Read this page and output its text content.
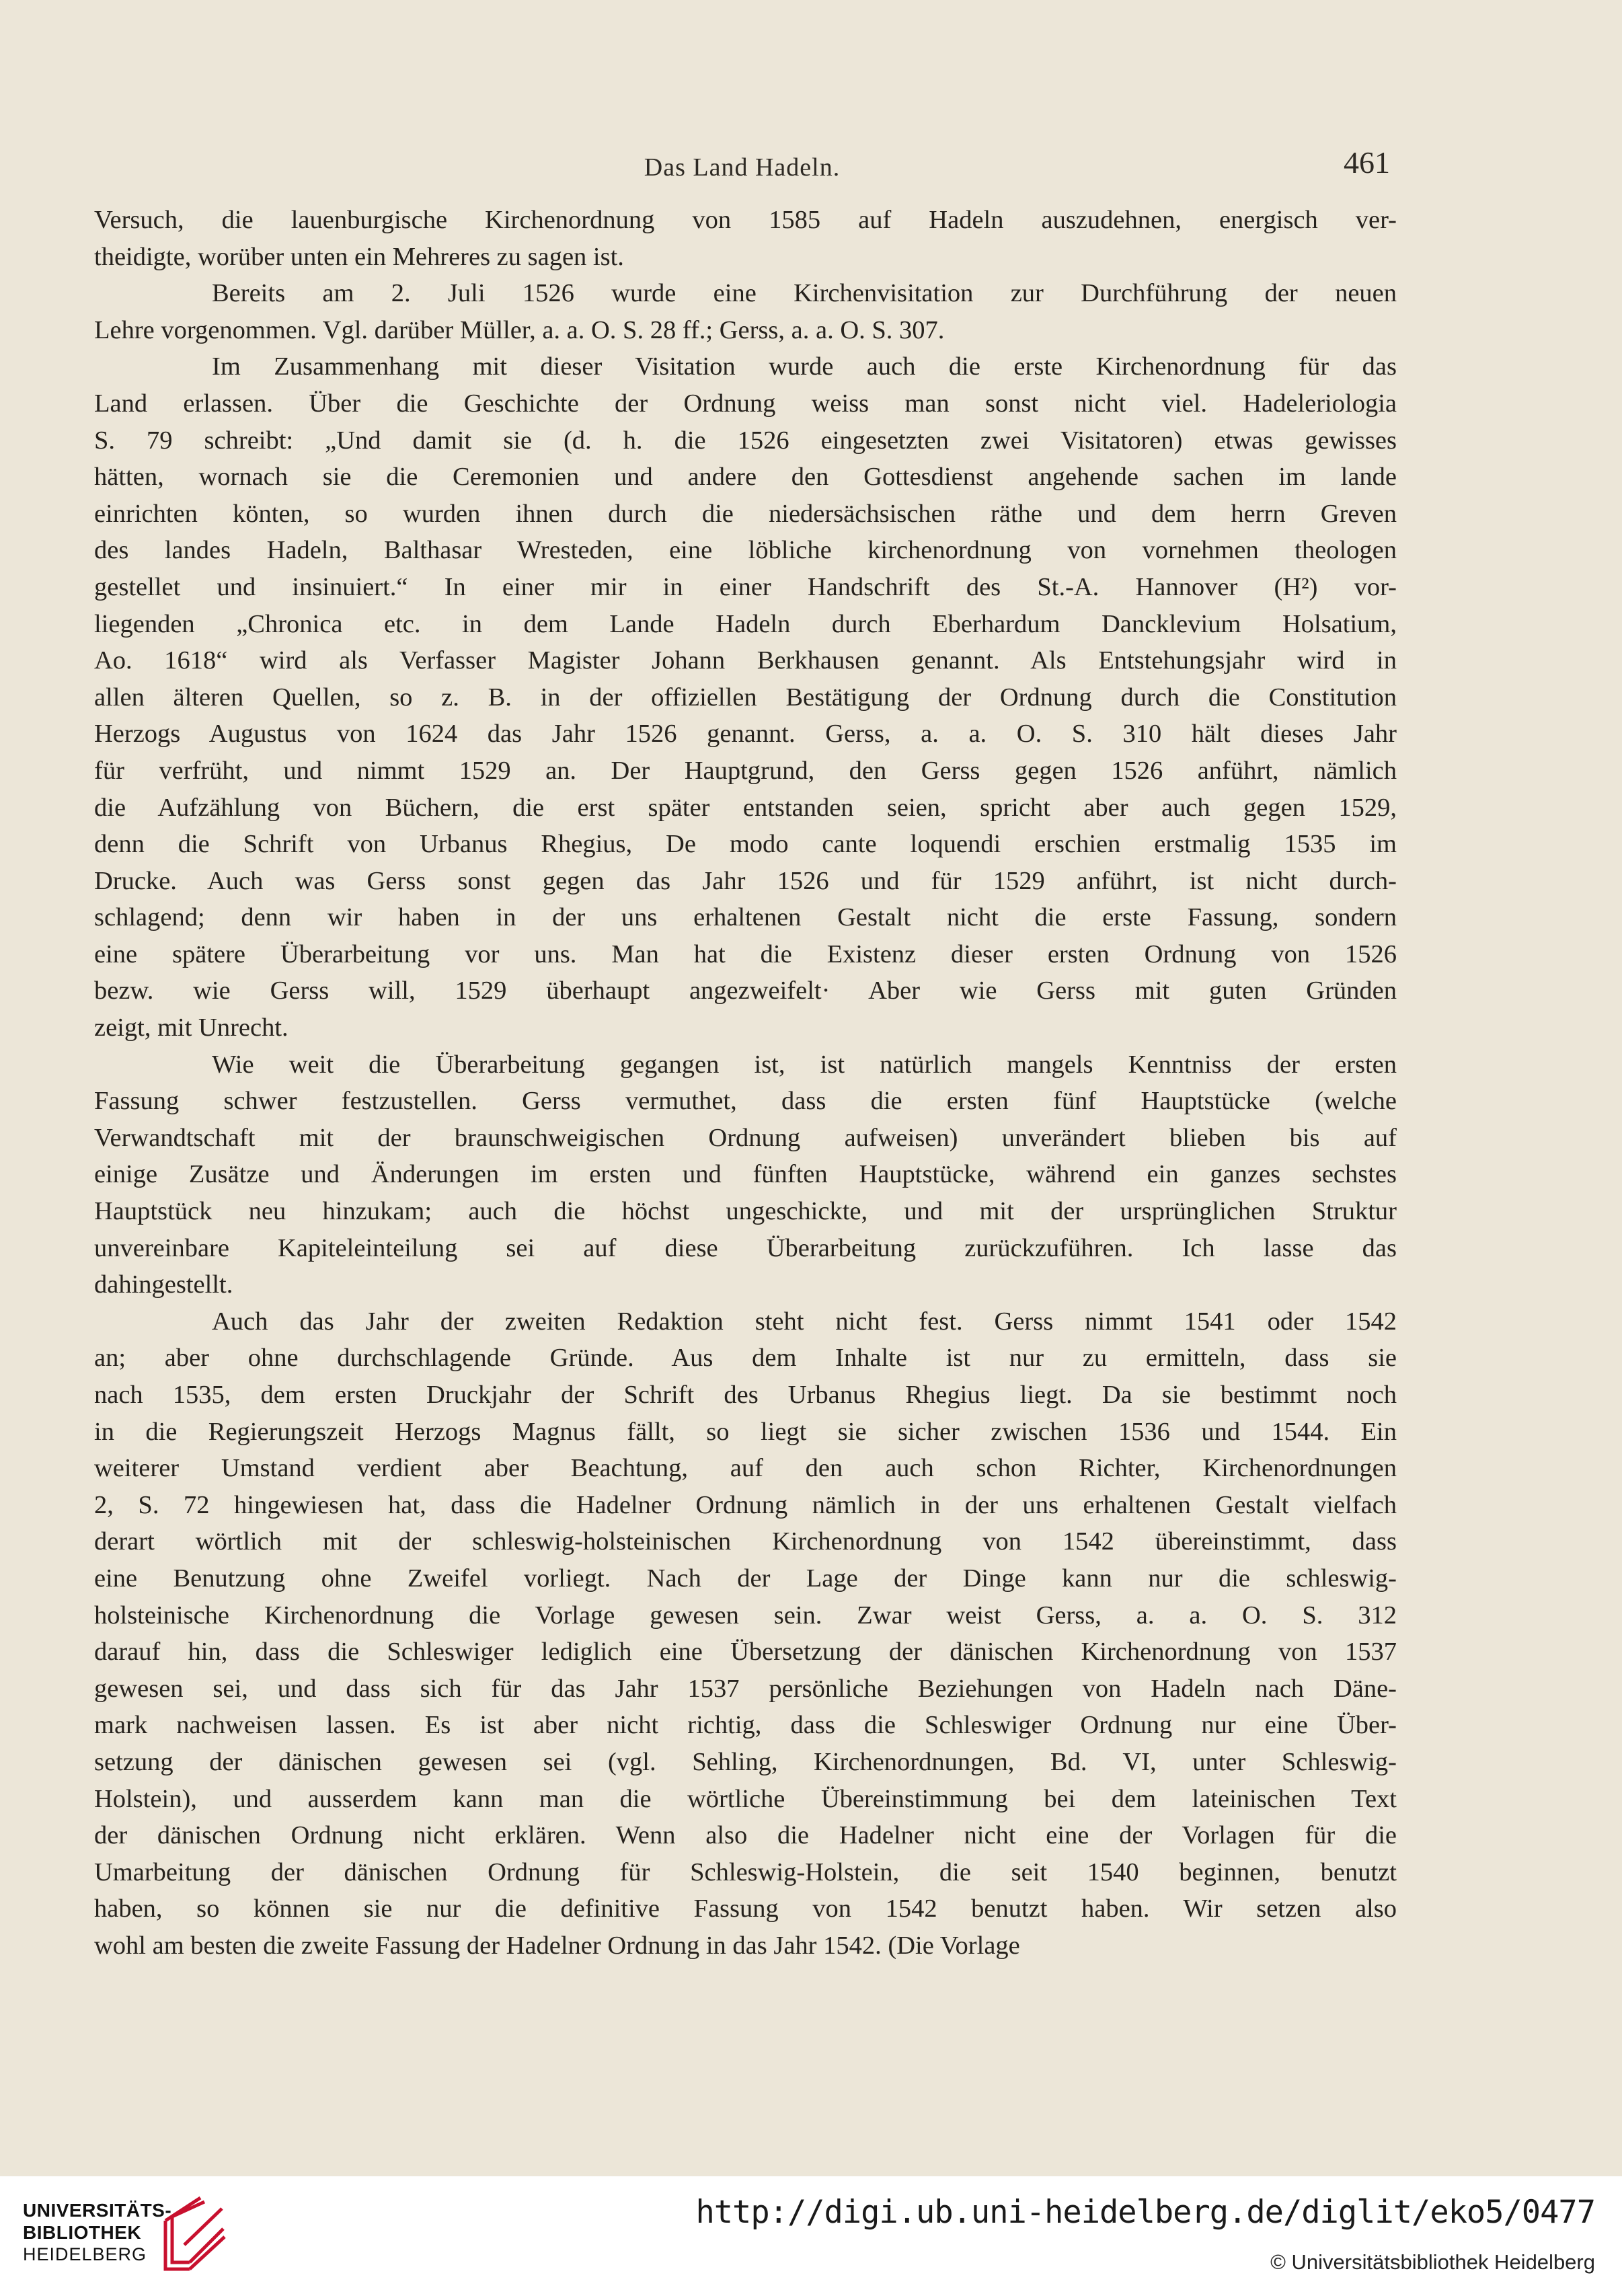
Das Land Hadeln.	461
Versuch, die lauenburgische Kirchenordnung von 1585 auf Hadeln auszudehnen, energisch ver-
theidigte, worüber unten ein Mehreres zu sagen ist.
Bereits am 2. Juli 1526 wurde eine Kirchenvisitation zur Durchführung der neuen
Lehre vorgenommen. Vgl. darüber Müller, a. a. O. S. 28 ff.; Gerss, a. a. O. S. 307.
Im Zusammenhang mit dieser Visitation wurde auch die erste Kirchenordnung für das
Land erlassen. Über die Geschichte der Ordnung weiss man sonst nicht viel. Hadeleriologia
S. 79 schreibt: „Und damit sie (d. h. die 1526 eingesetzten zwei Visitatoren) etwas gewisses
hätten, wornach sie die Ceremonien und andere den Gottesdienst angehende sachen im lande
einrichten könten, so wurden ihnen durch die niedersächsischen räthe und dem herrn Greven
des landes Hadeln, Balthasar Wresteden, eine löbliche kirchenordnung von vornehmen theologen
gestellet und insinuiert.“ In einer mir in einer Handschrift des St.-A. Hannover (H²) vor-
liegenden „Chronica etc. in dem Lande Hadeln durch Eberhardum Dancklevium Holsatium,
Ao. 1618“ wird als Verfasser Magister Johann Berkhausen genannt. Als Entstehungsjahr wird in
allen älteren Quellen, so z. B. in der offiziellen Bestätigung der Ordnung durch die Constitution
Herzogs Augustus von 1624 das Jahr 1526 genannt. Gerss, a. a. O. S. 310 hält dieses Jahr
für verfrüht, und nimmt 1529 an. Der Hauptgrund, den Gerss gegen 1526 anführt, nämlich
die Aufzählung von Büchern, die erst später entstanden seien, spricht aber auch gegen 1529,
denn die Schrift von Urbanus Rhegius, De modo cante loquendi erschien erstmalig 1535 im
Drucke. Auch was Gerss sonst gegen das Jahr 1526 und für 1529 anführt, ist nicht durch-
schlagend; denn wir haben in der uns erhaltenen Gestalt nicht die erste Fassung, sondern
eine spätere Überarbeitung vor uns. Man hat die Existenz dieser ersten Ordnung von 1526
bezw. wie Gerss will, 1529 überhaupt angezweifelt· Aber wie Gerss mit guten Gründen
zeigt, mit Unrecht.
Wie weit die Überarbeitung gegangen ist, ist natürlich mangels Kenntniss der ersten
Fassung schwer festzustellen. Gerss vermuthet, dass die ersten fünf Hauptstücke (welche
Verwandtschaft mit der braunschweigischen Ordnung aufweisen) unverändert blieben bis auf
einige Zusätze und Änderungen im ersten und fünften Hauptstücke, während ein ganzes sechstes
Hauptstück neu hinzukam; auch die höchst ungeschickte, und mit der ursprünglichen Struktur
unvereinbare Kapiteleinteilung sei auf diese Überarbeitung zurückzuführen. Ich lasse das
dahingestellt.
Auch das Jahr der zweiten Redaktion steht nicht fest. Gerss nimmt 1541 oder 1542
an; aber ohne durchschlagende Gründe. Aus dem Inhalte ist nur zu ermitteln, dass sie
nach 1535, dem ersten Druckjahr der Schrift des Urbanus Rhegius liegt. Da sie bestimmt noch
in die Regierungszeit Herzogs Magnus fällt, so liegt sie sicher zwischen 1536 und 1544. Ein
weiterer Umstand verdient aber Beachtung, auf den auch schon Richter, Kirchenordnungen
2, S. 72 hingewiesen hat, dass die Hadelner Ordnung nämlich in der uns erhaltenen Gestalt vielfach
derart wörtlich mit der schleswig-holsteinischen Kirchenordnung von 1542 übereinstimmt, dass
eine Benutzung ohne Zweifel vorliegt. Nach der Lage der Dinge kann nur die schleswig-
holsteinische Kirchenordnung die Vorlage gewesen sein. Zwar weist Gerss, a. a. O. S. 312
darauf hin, dass die Schleswiger lediglich eine Übersetzung der dänischen Kirchenordnung von 1537
gewesen sei, und dass sich für das Jahr 1537 persönliche Beziehungen von Hadeln nach Däne-
mark nachweisen lassen. Es ist aber nicht richtig, dass die Schleswiger Ordnung nur eine Über-
setzung der dänischen gewesen sei (vgl. Sehling, Kirchenordnungen, Bd. VI, unter Schleswig-
Holstein), und ausserdem kann man die wörtliche Übereinstimmung bei dem lateinischen Text
der dänischen Ordnung nicht erklären. Wenn also die Hadelner nicht eine der Vorlagen für die
Umarbeitung der dänischen Ordnung für Schleswig-Holstein, die seit 1540 beginnen, benutzt
haben, so können sie nur die definitive Fassung von 1542 benutzt haben. Wir setzen also
wohl am besten die zweite Fassung der Hadelner Ordnung in das Jahr 1542. (Die Vorlage
UNIVERSITÄTS-
BIBLIOTHEK
HEIDELBERG
http://digi.ub.uni-heidelberg.de/diglit/eko5/0477
© Universitätsbibliothek Heidelberg
